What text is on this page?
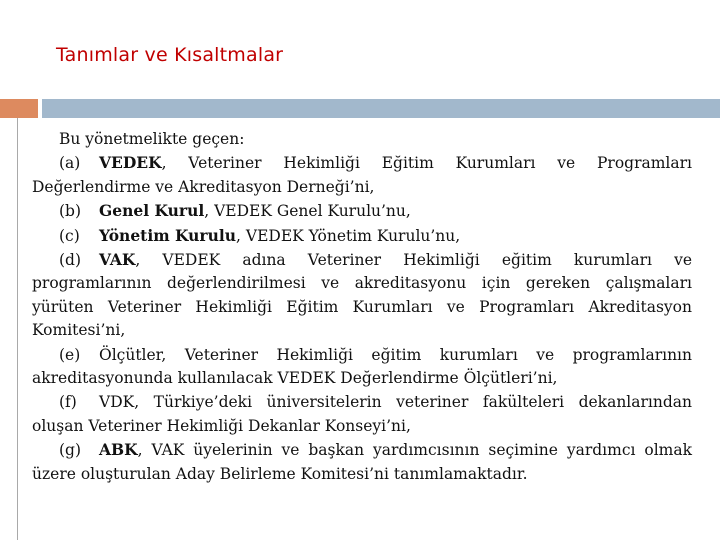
Tanımlar ve Kısaltmalar

Bu yönetmelikte geçen:

(a) VEDEK, Veteriner Hekimliği Eğitim Kurumları ve Programları Değerlendirme ve Akreditasyon Derneği’ni,

(b) Genel Kurul, VEDEK Genel Kurulu’nu,

(c) Yönetim Kurulu, VEDEK Yönetim Kurulu’nu,

(d) VAK, VEDEK adına Veteriner Hekimliği eğitim kurumları ve programlarının değerlendirilmesi ve akreditasyonu için gereken çalışmaları yürüten Veteriner Hekimliği Eğitim Kurumları ve Programları Akreditasyon Komitesi’ni,

(e) Ölçütler, Veteriner Hekimliği eğitim kurumları ve programlarının akreditasyonunda kullanılacak VEDEK Değerlendirme Ölçütleri’ni,

(f) VDK, Türkiye’deki üniversitelerin veteriner fakülteleri dekanlarından oluşan Veteriner Hekimliği Dekanlar Konseyi’ni,

(g) ABK, VAK üyelerinin ve başkan yardımcısının seçimine yardımcı olmak üzere oluşturulan Aday Belirleme Komitesi’ni tanımlamaktadır.
